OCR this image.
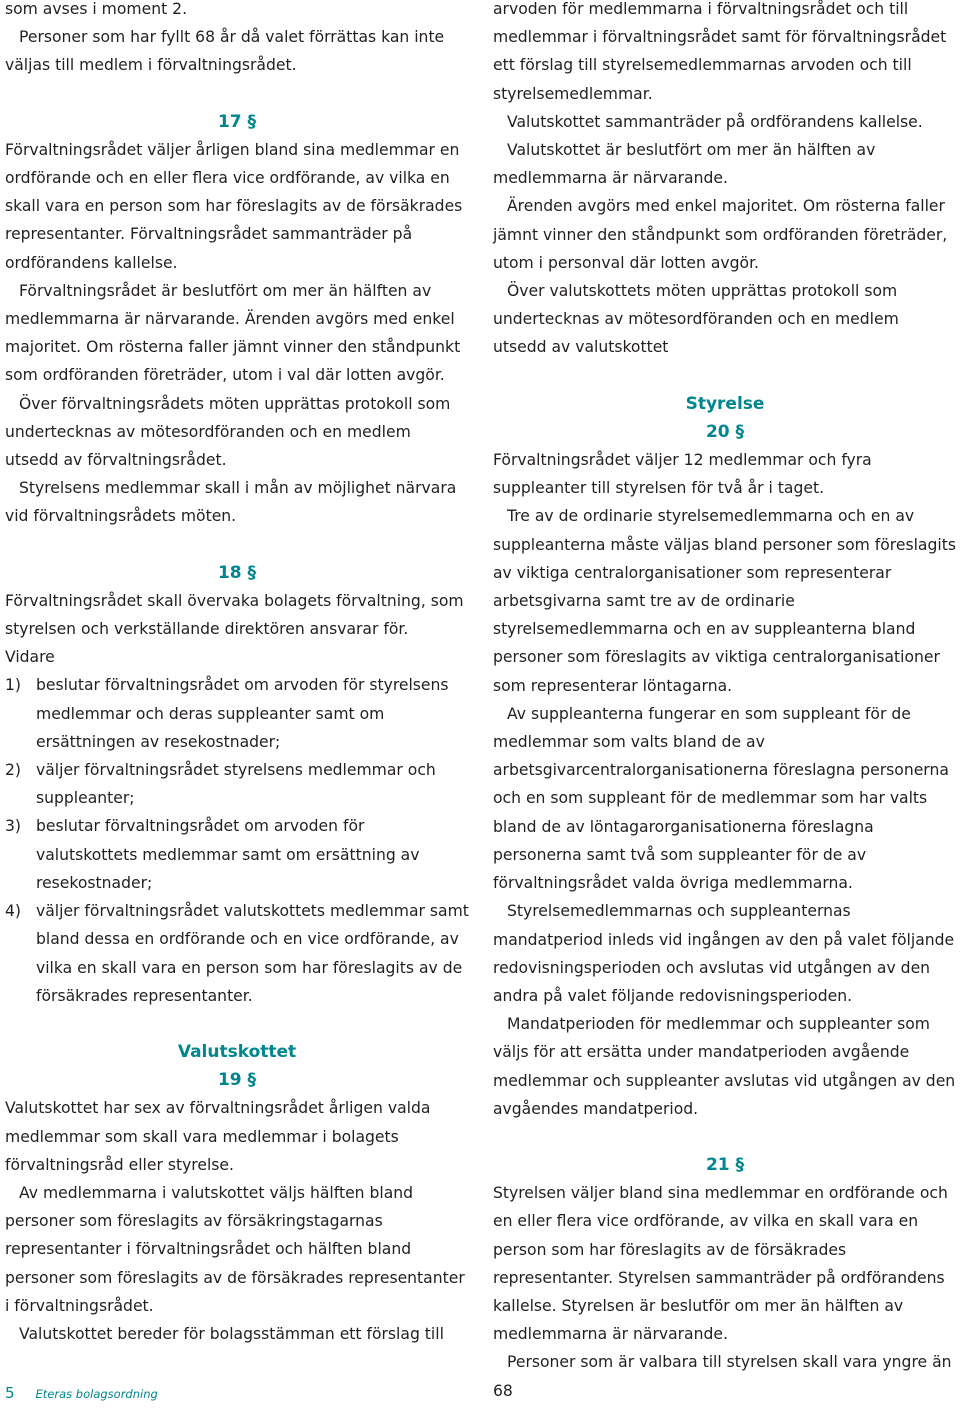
som avses i moment 2.

Personer som har fyllt 68 år då valet förrättas kan inte väljas till medlem i förvaltningsrådet.

17 §

Förvaltningsrådet väljer årligen bland sina medlemmar en ordförande och en eller flera vice ordförande, av vilka en skall vara en person som har föreslagits av de försäkrades representanter. Förvaltningsrådet sammanträder på ordförandens kallelse.

Förvaltningsrådet är beslutfört om mer än hälften av medlemmarna är närvarande. Ärenden avgörs med enkel majoritet. Om rösterna faller jämnt vinner den ståndpunkt som ordföranden företräder, utom i val där lotten avgör.

Över förvaltningsrådets möten upprättas protokoll som undertecknas av mötesordföranden och en medlem utsedd av förvaltningsrådet.

Styrelsens medlemmar skall i mån av möjlighet närvara vid förvaltningsrådets möten.

18 §

Förvaltningsrådet skall övervaka bolagets förvaltning, som styrelsen och verkställande direktören ansvarar för.

Vidare

1) beslutar förvaltningsrådet om arvoden för styrelsens medlemmar och deras suppleanter samt om ersättningen av resekostnader;
2) väljer förvaltningsrådet styrelsens medlemmar och suppleanter;
3) beslutar förvaltningsrådet om arvoden för valutskottets medlemmar samt om ersättning av resekostnader;
4) väljer förvaltningsrådet valutskottets medlemmar samt bland dessa en ordförande och en vice ordförande, av vilka en skall vara en person som har föreslagits av de försäkrades representanter.

Valutskottet

19 §

Valutskottet har sex av förvaltningsrådet årligen valda medlemmar som skall vara medlemmar i bolagets förvaltningsråd eller styrelse.

Av medlemmarna i valutskottet väljs hälften bland personer som föreslagits av försäkringstagarnas representanter i förvaltningsrådet och hälften bland personer som föreslagits av de försäkrades representanter i förvaltningsrådet.

Valutskottet bereder för bolagsstämman ett förslag till

arvoden för medlemmarna i förvaltningsrådet och till medlemmar i förvaltningsrådet samt för förvaltningsrådet ett förslag till styrelsemedlemmarnas arvoden och till styrelsemedlemmar.

Valutskottet sammanträder på ordförandens kallelse.

Valutskottet är beslutfört om mer än hälften av medlemmarna är närvarande.

Ärenden avgörs med enkel majoritet. Om rösterna faller jämnt vinner den ståndpunkt som ordföranden företräder, utom i personval där lotten avgör.

Över valutskottets möten upprättas protokoll som undertecknas av mötesordföranden och en medlem utsedd av valutskottet

Styrelse

20 §

Förvaltningsrådet väljer 12 medlemmar och fyra suppleanter till styrelsen för två år i taget.

Tre av de ordinarie styrelsemedlemmarna och en av suppleanterna måste väljas bland personer som föreslagits av viktiga centralorganisationer som representerar arbetsgivarna samt tre av de ordinarie styrelsemedlemmarna och en av suppleanterna bland personer som föreslagits av viktiga centralorganisationer som representerar löntagarna.

Av suppleanterna fungerar en som suppleant för de medlemmar som valts bland de av arbetsgivarcentralorganisationerna föreslagna personerna och en som suppleant för de medlemmar som har valts bland de av löntagarorganisationerna föreslagna personerna samt två som suppleanter för de av förvaltningsrådet valda övriga medlemmarna.

Styrelsemedlemmarnas och suppleanternas mandatperiod inleds vid ingången av den på valet följande redovisningsperioden och avslutas vid utgången av den andra på valet följande redovisningsperioden.

Mandatperioden för medlemmar och suppleanter som väljs för att ersätta under mandatperioden avgående medlemmar och suppleanter avslutas vid utgången av den avgåendes mandatperiod.

21 §

Styrelsen väljer bland sina medlemmar en ordförande och en eller flera vice ordförande, av vilka en skall vara en person som har föreslagits av de försäkrades representanter. Styrelsen sammanträder på ordförandens kallelse. Styrelsen är beslutför om mer än hälften av medlemmarna är närvarande.

Personer som är valbara till styrelsen skall vara yngre än 68

5 Eteras bolagsordning
